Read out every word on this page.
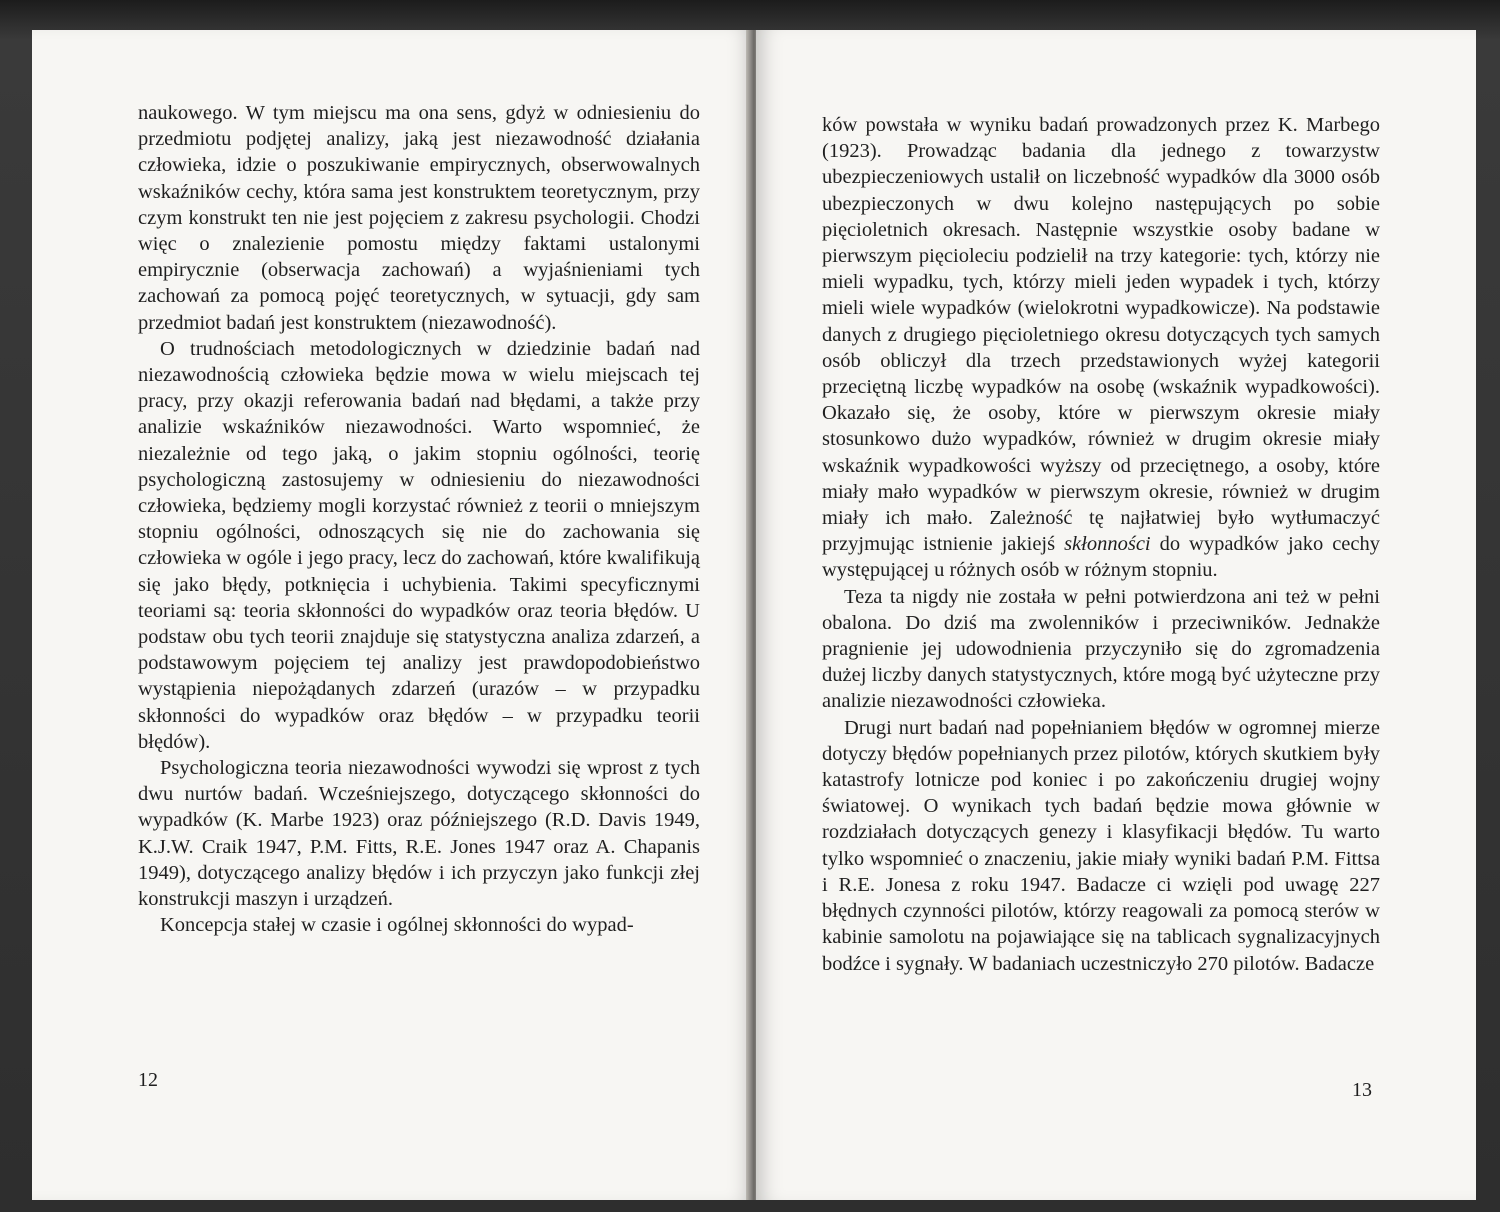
naukowego. W tym miejscu ma ona sens, gdyż w odniesieniu do przedmiotu podjętej analizy, jaką jest niezawodność działania człowieka, idzie o poszukiwanie empirycznych, obserwowalnych wskaźników cechy, która sama jest konstruktem teoretycznym, przy czym konstrukt ten nie jest pojęciem z zakresu psychologii. Chodzi więc o znalezienie pomostu między faktami ustalonymi empirycznie (obserwacja zachowań) a wyjaśnieniami tych zachowań za pomocą pojęć teoretycznych, w sytuacji, gdy sam przedmiot badań jest konstruktem (niezawodność).

O trudnościach metodologicznych w dziedzinie badań nad niezawodnością człowieka będzie mowa w wielu miejscach tej pracy, przy okazji referowania badań nad błędami, a także przy analizie wskaźników niezawodności. Warto wspomnieć, że niezależnie od tego jaką, o jakim stopniu ogólności, teorię psychologiczną zastosujemy w odniesieniu do niezawodności człowieka, będziemy mogli korzystać również z teorii o mniejszym stopniu ogólności, odnoszących się nie do zachowania się człowieka w ogóle i jego pracy, lecz do zachowań, które kwalifikują się jako błędy, potknięcia i uchybienia. Takimi specyficznymi teoriami są: teoria skłonności do wypadków oraz teoria błędów. U podstaw obu tych teorii znajduje się statystyczna analiza zdarzeń, a podstawowym pojęciem tej analizy jest prawdopodobieństwo wystąpienia niepożądanych zdarzeń (urazów – w przypadku skłonności do wypadków oraz błędów – w przypadku teorii błędów).

Psychologiczna teoria niezawodności wywodzi się wprost z tych dwu nurtów badań. Wcześniejszego, dotyczącego skłonności do wypadków (K. Marbe 1923) oraz późniejszego (R.D. Davis 1949, K.J.W. Craik 1947, P.M. Fitts, R.E. Jones 1947 oraz A. Chapanis 1949), dotyczącego analizy błędów i ich przyczyn jako funkcji złej konstrukcji maszyn i urządzeń.

Koncepcja stałej w czasie i ogólnej skłonności do wypad-

12

ków powstała w wyniku badań prowadzonych przez K. Marbego (1923). Prowadząc badania dla jednego z towarzystw ubezpieczeniowych ustalił on liczebność wypadków dla 3000 osób ubezpieczonych w dwu kolejno następujących po sobie pięcioletnich okresach. Następnie wszystkie osoby badane w pierwszym pięcioleciu podzielił na trzy kategorie: tych, którzy nie mieli wypadku, tych, którzy mieli jeden wypadek i tych, którzy mieli wiele wypadków (wielokrotni wypadkowicze). Na podstawie danych z drugiego pięcioletniego okresu dotyczących tych samych osób obliczył dla trzech przedstawionych wyżej kategorii przeciętną liczbę wypadków na osobę (wskaźnik wypadkowości). Okazało się, że osoby, które w pierwszym okresie miały stosunkowo dużo wypadków, również w drugim okresie miały wskaźnik wypadkowości wyższy od przeciętnego, a osoby, które miały mało wypadków w pierwszym okresie, również w drugim miały ich mało. Zależność tę najłatwiej było wytłumaczyć przyjmując istnienie jakiejś skłonności do wypadków jako cechy występującej u różnych osób w różnym stopniu.

Teza ta nigdy nie została w pełni potwierdzona ani też w pełni obalona. Do dziś ma zwolenników i przeciwników. Jednakże pragnienie jej udowodnienia przyczyniło się do zgromadzenia dużej liczby danych statystycznych, które mogą być użyteczne przy analizie niezawodności człowieka.

Drugi nurt badań nad popełnianiem błędów w ogromnej mierze dotyczy błędów popełnianych przez pilotów, których skutkiem były katastrofy lotnicze pod koniec i po zakończeniu drugiej wojny światowej. O wynikach tych badań będzie mowa głównie w rozdziałach dotyczących genezy i klasyfikacji błędów. Tu warto tylko wspomnieć o znaczeniu, jakie miały wyniki badań P.M. Fittsa i R.E. Jonesa z roku 1947. Badacze ci wzięli pod uwagę 227 błędnych czynności pilotów, którzy reagowali za pomocą sterów w kabinie samolotu na pojawiające się na tablicach sygnalizacyjnych bodźce i sygnały. W badaniach uczestniczyło 270 pilotów. Badacze

13
